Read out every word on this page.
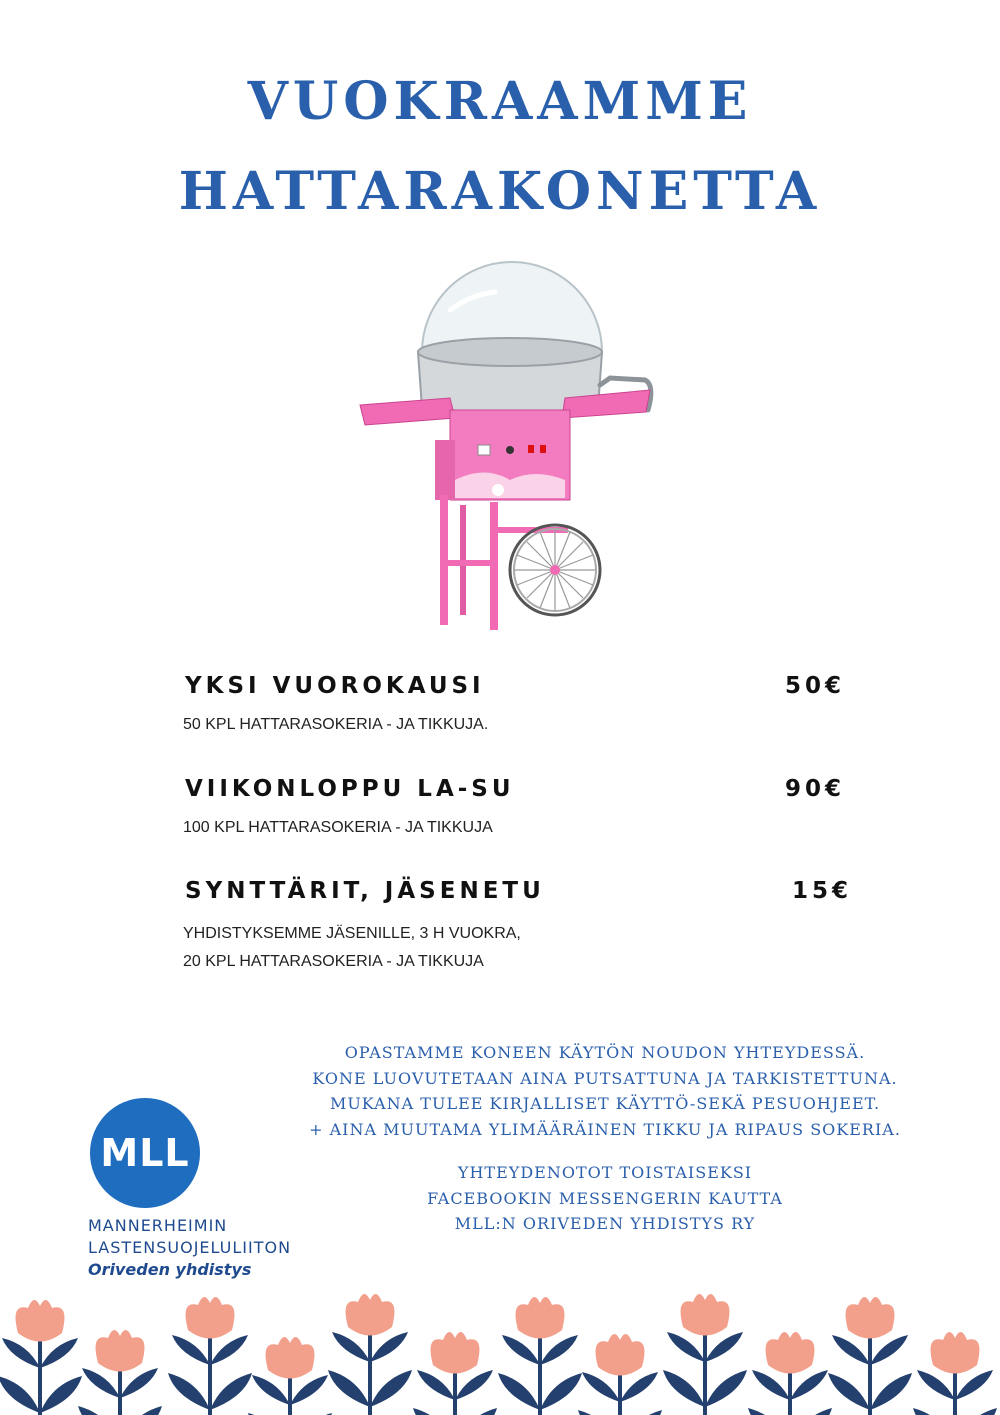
VUOKRAAMME
HATTARAKONETTA
YKSI VUOROKAUSI	50€
50 KPL HATTARASOKERIA - JA TIKKUJA.
VIIKONLOPPU LA-SU	90€
100 KPL HATTARASOKERIA - JA TIKKUJA
SYNTTÄRIT, JÄSENETU	15€
YHDISTYKSEMME JÄSENILLE, 3 H VUOKRA,
20 KPL HATTARASOKERIA - JA TIKKUJA
OPASTAMME KONEEN KÄYTÖN NOUDON YHTEYDESSÄ.
KONE LUOVUTETAAN AINA PUTSATTUNA JA TARKISTETTUNA.
MUKANA TULEE KIRJALLISET KÄYTTÖ-SEKÄ PESUOHJEET.
+ AINA MUUTAMA YLIMÄÄRÄINEN TIKKU JA RIPAUS SOKERIA.
YHTEYDENOTOT TOISTAISEKSI
FACEBOOKIN MESSENGERIN KAUTTA
MLL:N ORIVEDEN YHDISTYS RY
MLL
MANNERHEIMIN
LASTENSUOJELULIITON
Oriveden yhdistys
